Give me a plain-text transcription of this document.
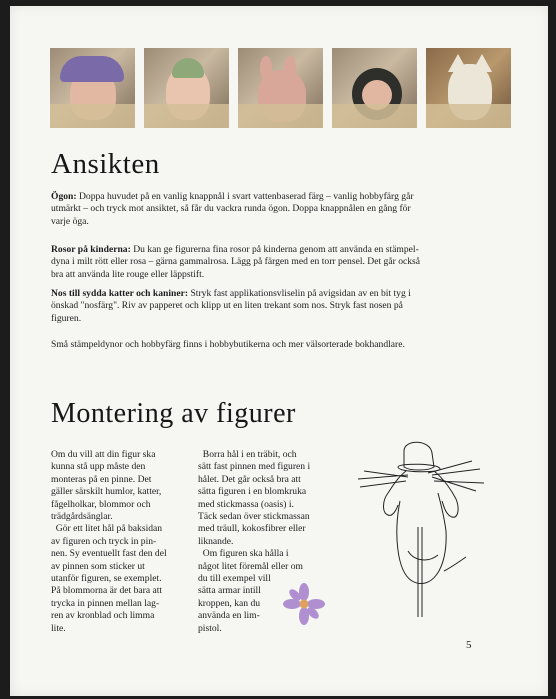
Ansikten

Ögon: Doppa huvudet på en vanlig knappnål i svart vattenbaserad färg – vanlig hobbyfärg går
utmärkt – och tryck mot ansiktet, så får du vackra runda ögon. Doppa knappnålen en gång för
varje öga.

Rosor på kinderna: Du kan ge figurerna fina rosor på kinderna genom att använda en stämpel-
dyna i milt rött eller rosa – gärna gammalrosa. Lägg på färgen med en torr pensel. Det går också
bra att använda lite rouge eller läppstift.

Nos till sydda katter och kaniner: Stryk fast applikationsvliselin på avigsidan av en bit tyg i
önskad "nosfärg". Riv av papperet och klipp ut en liten trekant som nos. Stryk fast nosen på
figuren.

Små stämpeldynor och hobbyfärg finns i hobbybutikerna och mer välsorterade bokhandlare.

Montering av figurer

Om du vill att din figur ska
kunna stå upp måste den
monteras på en pinne. Det
gäller särskilt humlor, katter,
fågelholkar, blommor och
trädgårdsänglar.

Gör ett litet hål på baksidan
av figuren och tryck in pin-
nen. Sy eventuellt fast den del
av pinnen som sticker ut
utanför figuren, se exemplet.
På blommorna är det bara att
trycka in pinnen mellan lag-
ren av kronblad och limma
lite.

Borra hål i en träbit, och
sätt fast pinnen med figuren i
hålet. Det går också bra att
sätta figuren i en blomkruka
med stickmassa (oasis) i.
Täck sedan över stickmassan
med träull, kokosfibrer eller
liknande.

Om figuren ska hålla i
något litet föremål eller om
du till exempel vill
sätta armar intill
kroppen, kan du
använda en lim-
pistol.

5
